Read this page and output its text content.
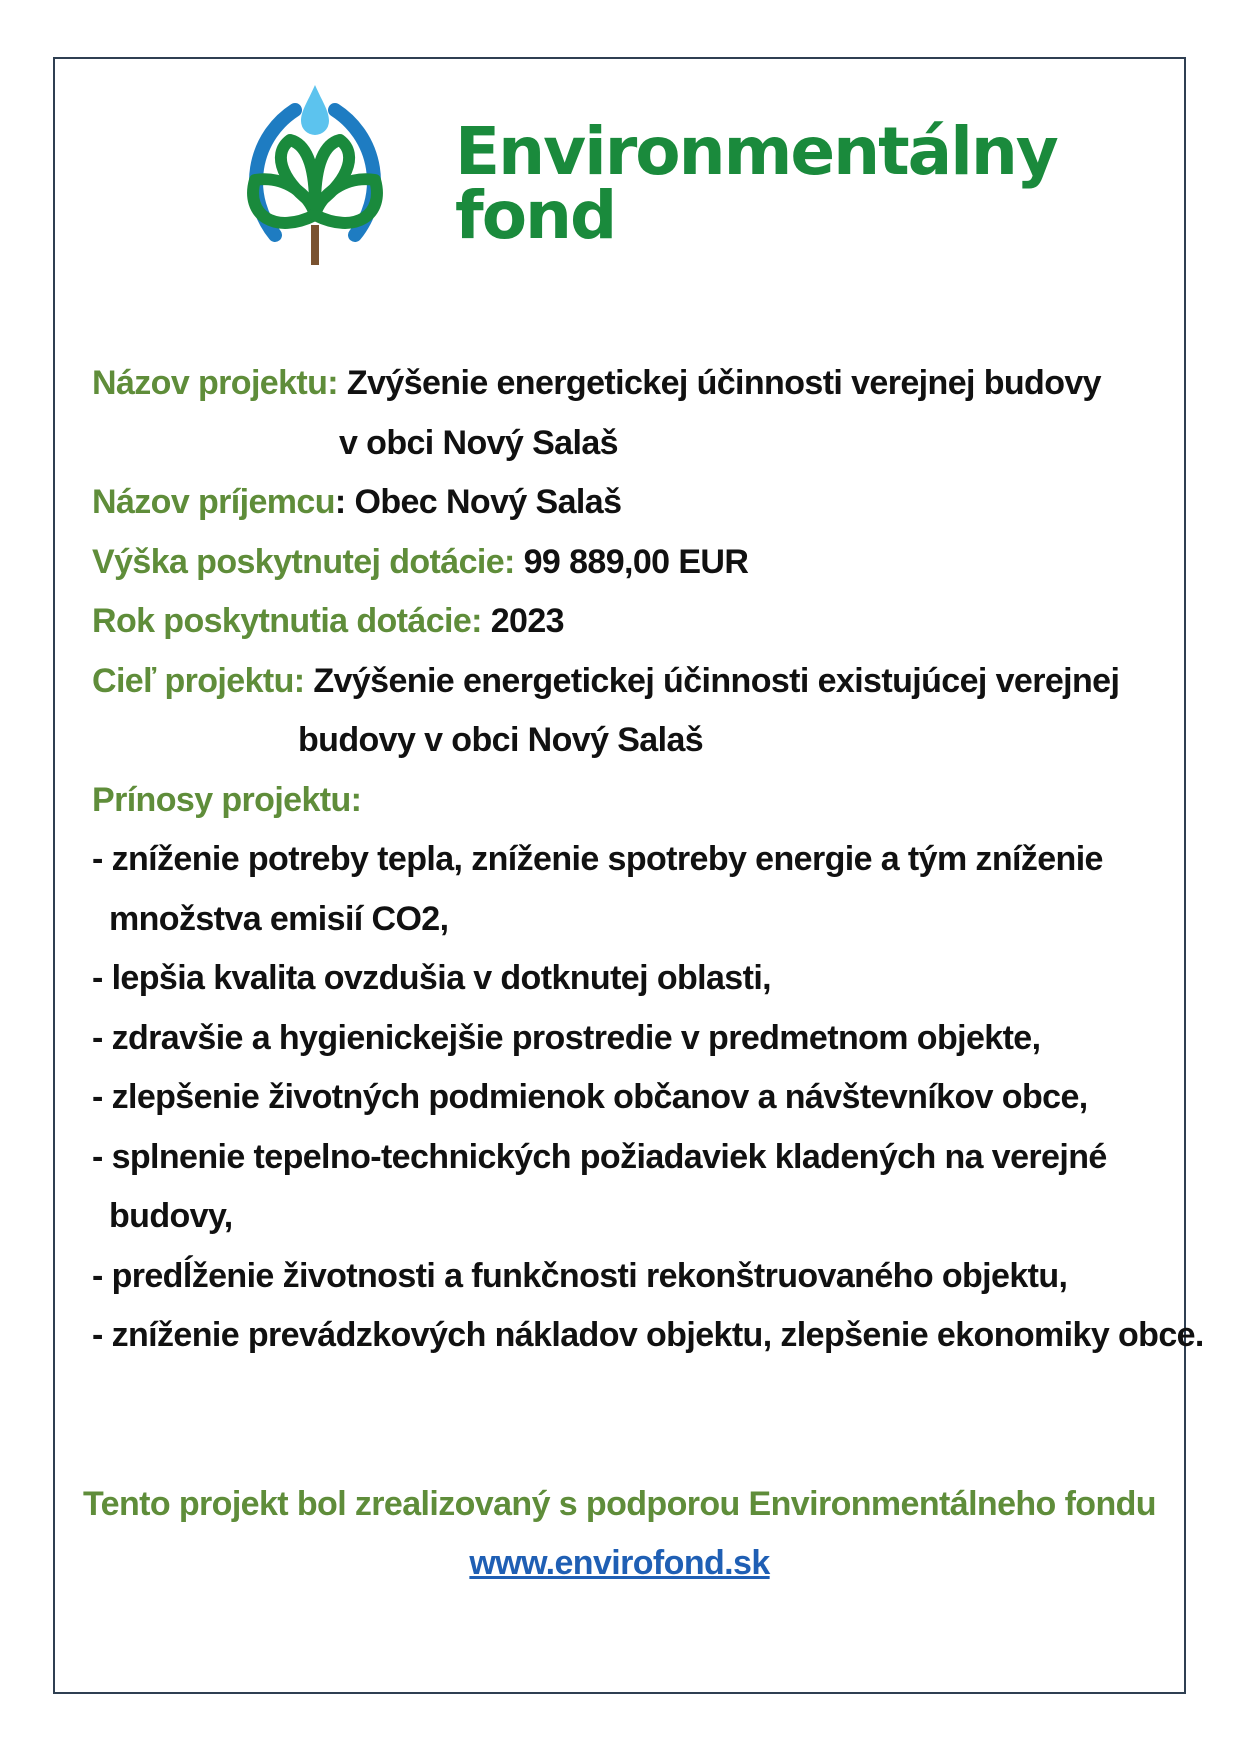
Environmentálny
fond
Názov projektu: Zvýšenie energetickej účinnosti verejnej budovy
v obci Nový Salaš
Názov príjemcu: Obec Nový Salaš
Výška poskytnutej dotácie: 99 889,00 EUR
Rok poskytnutia dotácie: 2023
Cieľ projektu: Zvýšenie energetickej účinnosti existujúcej verejnej
budovy v obci Nový Salaš
Prínosy projektu:
- zníženie potreby tepla, zníženie spotreby energie a tým zníženie
množstva emisií CO2,
- lepšia kvalita ovzdušia v dotknutej oblasti,
- zdravšie a hygienickejšie prostredie v predmetnom objekte,
- zlepšenie životných podmienok občanov a návštevníkov obce,
- splnenie tepelno-technických požiadaviek kladených na verejné
budovy,
- predĺženie životnosti a funkčnosti rekonštruovaného objektu,
- zníženie prevádzkových nákladov objektu, zlepšenie ekonomiky obce.
Tento projekt bol zrealizovaný s podporou Environmentálneho fondu
www.envirofond.sk
